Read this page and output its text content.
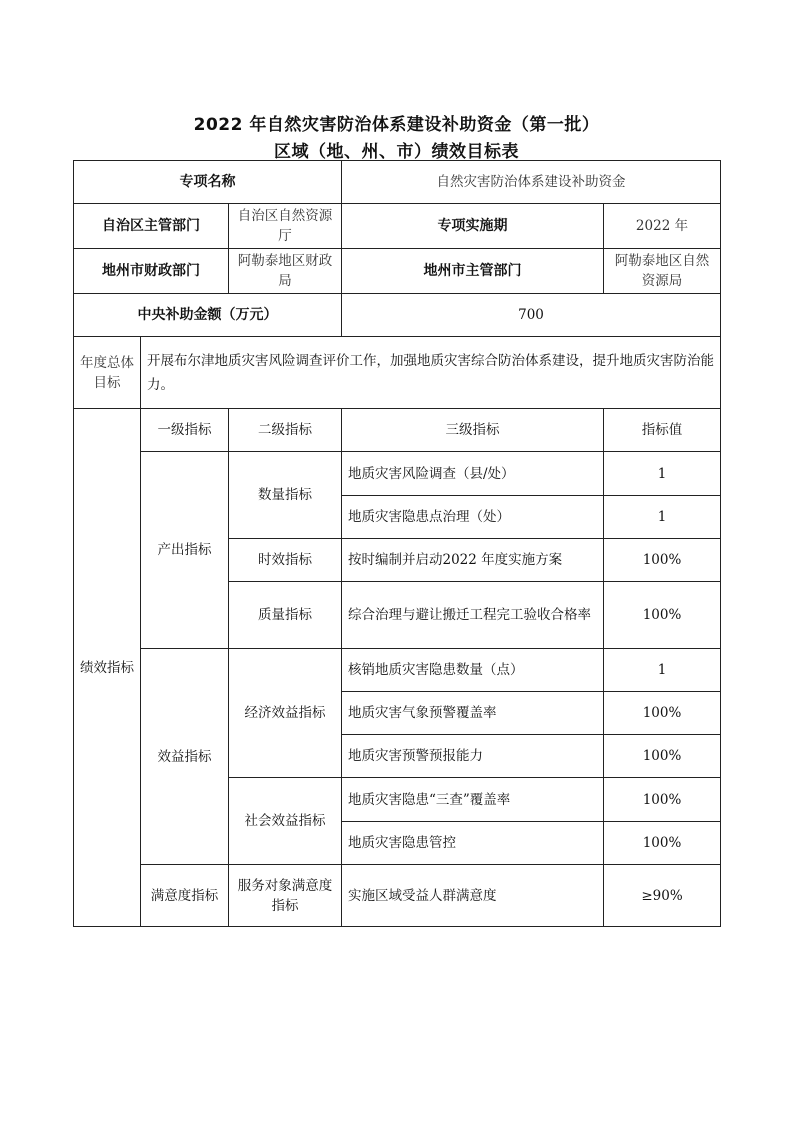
2022 年自然灾害防治体系建设补助资金（第一批）
区域（地、州、市）绩效目标表
专项名称			自然灾害防治体系建设补助资金	
自治区主管部门		自治区自然资源厅	专项实施期	2022 年
地州市财政部门		阿勒泰地区财政局	地州市主管部门	阿勒泰地区自然资源局
中央补助金额（万元）			700	
年度总体目标	开展布尔津地质灾害风险调查评价工作，加强地质灾害综合防治体系建设，提升地质灾害防治能力。			
绩效指标	一级指标	二级指标	三级指标	指标值
	产出指标	数量指标	地质灾害风险调查（县/处）	1
			地质灾害隐患点治理（处）	1
		时效指标	按时编制并启动2022 年度实施方案	100%
		质量指标	综合治理与避让搬迁工程完工验收合格率	100%
	效益指标	经济效益指标	核销地质灾害隐患数量（点）	1
			地质灾害气象预警覆盖率	100%
			地质灾害预警预报能力	100%
		社会效益指标	地质灾害隐患“三查”覆盖率	100%
			地质灾害隐患管控	100%
	满意度指标	服务对象满意度指标	实施区域受益人群满意度	≥90%
